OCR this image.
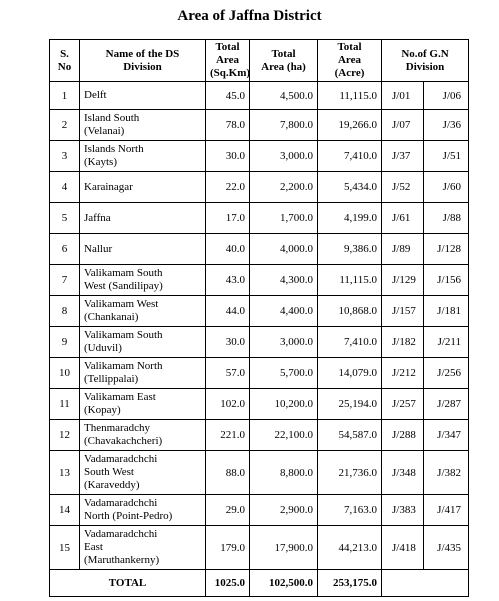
Area of Jaffna District
S.
No	Name of the DS
Division	Total
Area
(Sq.Km)	Total
Area (ha)	Total
Area
(Acre)	No.of G.N
Division	
1	Delft	45.0	4,500.0	11,115.0	J/01	J/06
2	Island South
(Velanai)	78.0	7,800.0	19,266.0	J/07	J/36
3	Islands North
(Kayts)	30.0	3,000.0	7,410.0	J/37	J/51
4	Karainagar	22.0	2,200.0	5,434.0	J/52	J/60
5	Jaffna	17.0	1,700.0	4,199.0	J/61	J/88
6	Nallur	40.0	4,000.0	9,386.0	J/89	J/128
7	Valikamam South
West (Sandilipay)	43.0	4,300.0	11,115.0	J/129	J/156
8	Valikamam West
(Chankanai)	44.0	4,400.0	10,868.0	J/157	J/181
9	Valikamam South
(Uduvil)	30.0	3,000.0	7,410.0	J/182	J/211
10	Valikamam North
(Tellippalai)	57.0	5,700.0	14,079.0	J/212	J/256
11	Valikamam East
(Kopay)	102.0	10,200.0	25,194.0	J/257	J/287
12	Thenmaradchy
(Chavakachcheri)	221.0	22,100.0	54,587.0	J/288	J/347
13	Vadamaradchchi
South West
(Karaveddy)	88.0	8,800.0	21,736.0	J/348	J/382
14	Vadamaradchchi
North (Point-Pedro)	29.0	2,900.0	7,163.0	J/383	J/417
15	Vadamaradchchi
East
(Maruthankerny)	179.0	17,900.0	44,213.0	J/418	J/435
TOTAL		1025.0	102,500.0	253,175.0		
